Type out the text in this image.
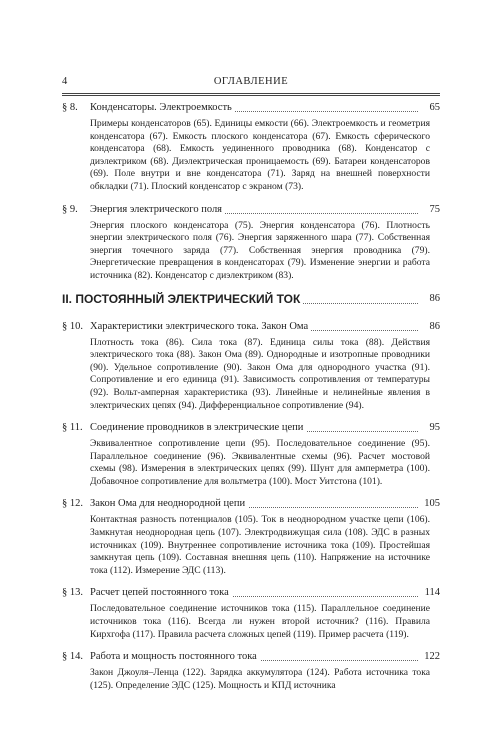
4	ОГЛАВЛЕНИЕ
§ 8. Конденсаторы. Электроемкость	65
Примеры конденсаторов (65). Единицы емкости (66). Электроемкость и геометрия конденсатора (67). Емкость плоского конденсатора (67). Емкость сферического конденсатора (68). Емкость уединенного проводника (68). Конденсатор с диэлектриком (68). Диэлектрическая проницаемость (69). Батареи конденсаторов (69). Поле внутри и вне конденсатора (71). Заряд на внешней поверхности обкладки (71). Плоский конденсатор с экраном (73).
§ 9. Энергия электрического поля	75
Энергия плоского конденсатора (75). Энергия конденсатора (76). Плотность энергии электрического поля (76). Энергия заряженного шара (77). Собственная энергия точечного заряда (77). Собственная энергия проводника (79). Энергетические превращения в конденсаторах (79). Изменение энергии и работа источника (82). Конденсатор с диэлектриком (83).
II. ПОСТОЯННЫЙ ЭЛЕКТРИЧЕСКИЙ ТОК	86
§ 10. Характеристики электрического тока. Закон Ома	86
Плотность тока (86). Сила тока (87). Единица силы тока (88). Действия электрического тока (88). Закон Ома (89). Однородные и изотропные проводники (90). Удельное сопротивление (90). Закон Ома для однородного участка (91). Сопротивление и его единица (91). Зависимость сопротивления от температуры (92). Вольт-амперная характеристика (93). Линейные и нелинейные явления в электрических цепях (94). Дифференциальное сопротивление (94).
§ 11. Соединение проводников в электрические цепи	95
Эквивалентное сопротивление цепи (95). Последовательное соединение (95). Параллельное соединение (96). Эквивалентные схемы (96). Расчет мостовой схемы (98). Измерения в электрических цепях (99). Шунт для амперметра (100). Добавочное сопротивление для вольтметра (100). Мост Уитстона (101).
§ 12. Закон Ома для неоднородной цепи	105
Контактная разность потенциалов (105). Ток в неоднородном участке цепи (106). Замкнутая неоднородная цепь (107). Электродвижущая сила (108). ЭДС в разных источниках (109). Внутреннее сопротивление источника тока (109). Простейшая замкнутая цепь (109). Составная внешняя цепь (110). Напряжение на источнике тока (112). Измерение ЭДС (113).
§ 13. Расчет цепей постоянного тока	114
Последовательное соединение источников тока (115). Параллельное соединение источников тока (116). Всегда ли нужен второй источник? (116). Правила Кирхгофа (117). Правила расчета сложных цепей (119). Пример расчета (119).
§ 14. Работа и мощность постоянного тока	122
Закон Джоуля–Ленца (122). Зарядка аккумулятора (124). Работа источника тока (125). Определение ЭДС (125). Мощность и КПД источника
